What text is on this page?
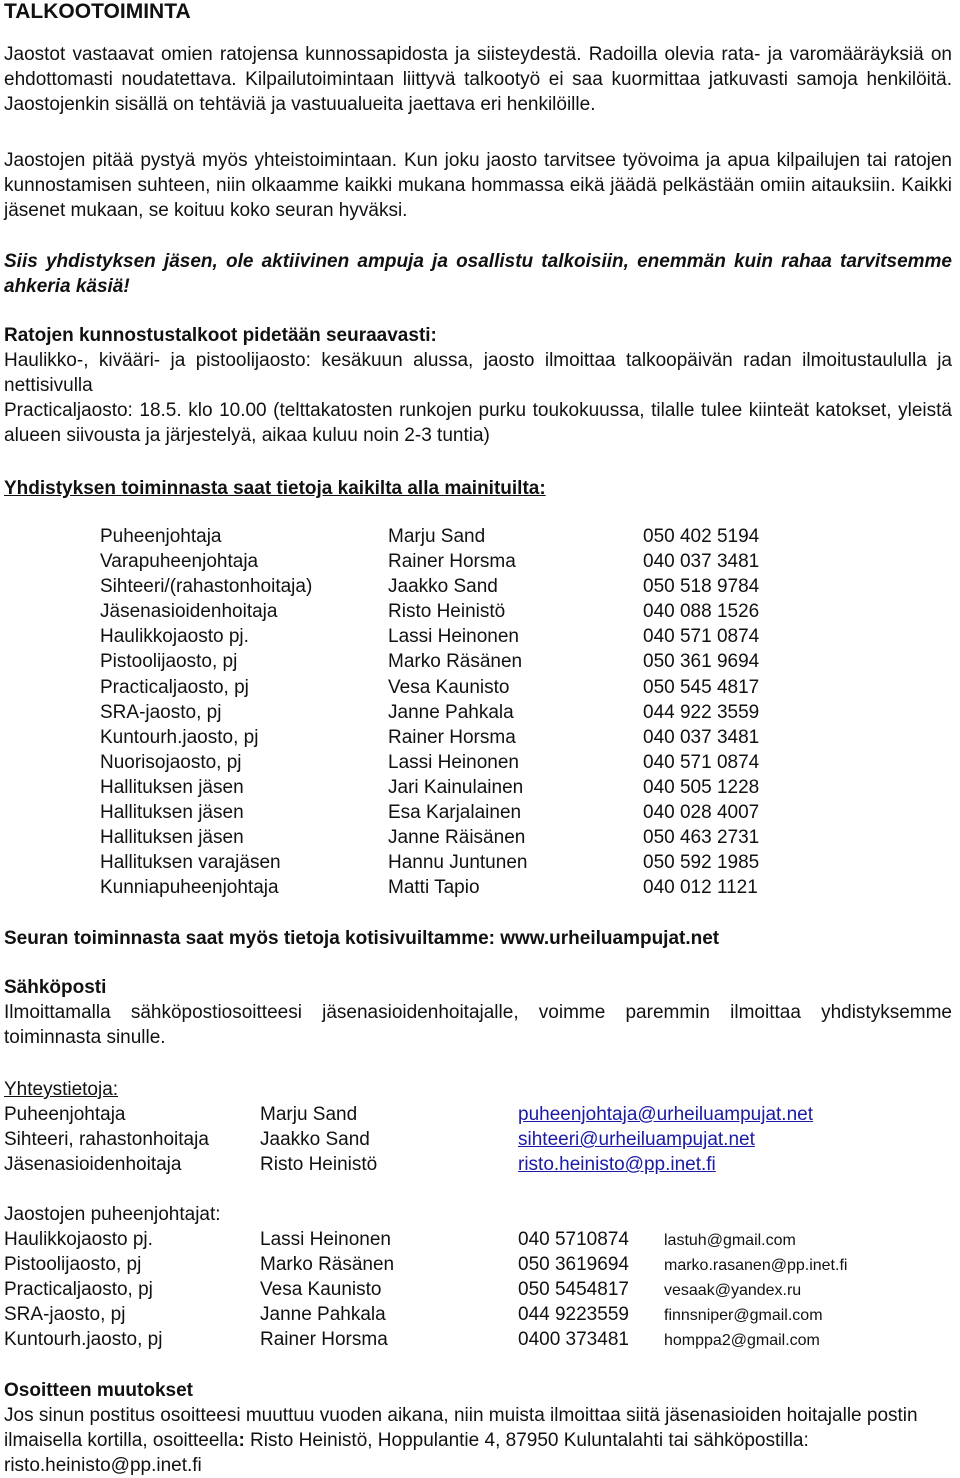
TALKOOTOIMINTA

Jaostot vastaavat omien ratojensa kunnossapidosta ja siisteydestä. Radoilla olevia rata- ja varomääräyksiä on ehdottomasti noudatettava. Kilpailutoimintaan liittyvä talkootyö ei saa kuormittaa jatkuvasti samoja henkilöitä. Jaostojenkin sisällä on tehtäviä ja vastuualueita jaettava eri henkilöille.

Jaostojen pitää pystyä myös yhteistoimintaan. Kun joku jaosto tarvitsee työvoima ja apua kilpailujen tai ratojen kunnostamisen suhteen, niin olkaamme kaikki mukana hommassa eikä jäädä pelkästään omiin aitauksiin. Kaikki jäsenet mukaan, se koituu koko seuran hyväksi.

Siis yhdistyksen jäsen, ole aktiivinen ampuja ja osallistu talkoisiin, enemmän kuin rahaa tarvitsemme ahkeria käsiä!

Ratojen kunnostustalkoot pidetään seuraavasti:
Haulikko-, kivääri- ja pistoolijaosto: kesäkuun alussa, jaosto ilmoittaa talkoopäivän radan ilmoitustaululla ja nettisivulla
Practicaljaosto: 18.5. klo 10.00 (telttakatosten runkojen purku toukokuussa, tilalle tulee kiinteät katokset, yleistä alueen siivousta ja järjestelyä, aikaa kuluu noin 2-3 tuntia)
Yhdistyksen toiminnasta saat tietoja kaikilta alla mainituilta:
Puheenjohtaja	Marju Sand	050 402 5194
Varapuheenjohtaja	Rainer Horsma	040 037 3481
Sihteeri/(rahastonhoitaja)	Jaakko Sand	050 518 9784
Jäsenasioidenhoitaja	Risto Heinistö	040 088 1526
Haulikkojaosto pj.	Lassi Heinonen	040 571 0874
Pistoolijaosto, pj	Marko Räsänen	050 361 9694
Practicaljaosto, pj	Vesa Kaunisto	050 545 4817
SRA-jaosto, pj	Janne Pahkala	044 922 3559
Kuntourh.jaosto, pj	Rainer Horsma	040 037 3481
Nuorisojaosto, pj	Lassi Heinonen	040 571 0874
Hallituksen jäsen	Jari Kainulainen	040 505 1228
Hallituksen jäsen	Esa Karjalainen	040 028 4007
Hallituksen jäsen	Janne Räisänen	050 463 2731
Hallituksen varajäsen	Hannu Juntunen	050 592 1985
Kunniapuheenjohtaja	Matti Tapio	040 012 1121
Seuran toiminnasta saat myös tietoja kotisivuiltamme: www.urheiluampujat.net
Sähköposti
Ilmoittamalla sähköpostiosoitteesi jäsenasioidenhoitajalle, voimme paremmin ilmoittaa yhdistyksemme toiminnasta sinulle.
Yhteystietoja:
Puheenjohtaja	Marju Sand	puheenjohtaja@urheiluampujat.net
Sihteeri, rahastonhoitaja	Jaakko Sand	sihteeri@urheiluampujat.net
Jäsenasioidenhoitaja	Risto Heinistö	risto.heinisto@pp.inet.fi
Jaostojen puheenjohtajat:
Haulikkojaosto pj.	Lassi Heinonen	040 5710874 lastuh@gmail.com
Pistoolijaosto, pj	Marko Räsänen	050 3619694 marko.rasanen@pp.inet.fi
Practicaljaosto, pj	Vesa Kaunisto	050 5454817 vesaak@yandex.ru
SRA-jaosto, pj	Janne Pahkala	044 9223559 finnsniper@gmail.com
Kuntourh.jaosto, pj	Rainer Horsma	0400 373481 homppa2@gmail.com
Osoitteen muutokset
Jos sinun postitus osoitteesi muuttuu vuoden aikana, niin muista ilmoittaa siitä jäsenasioiden hoitajalle postin ilmaisella kortilla, osoitteella: Risto Heinistö, Hoppulantie 4, 87950 Kuluntalahti tai sähköpostilla: risto.heinisto@pp.inet.fi
